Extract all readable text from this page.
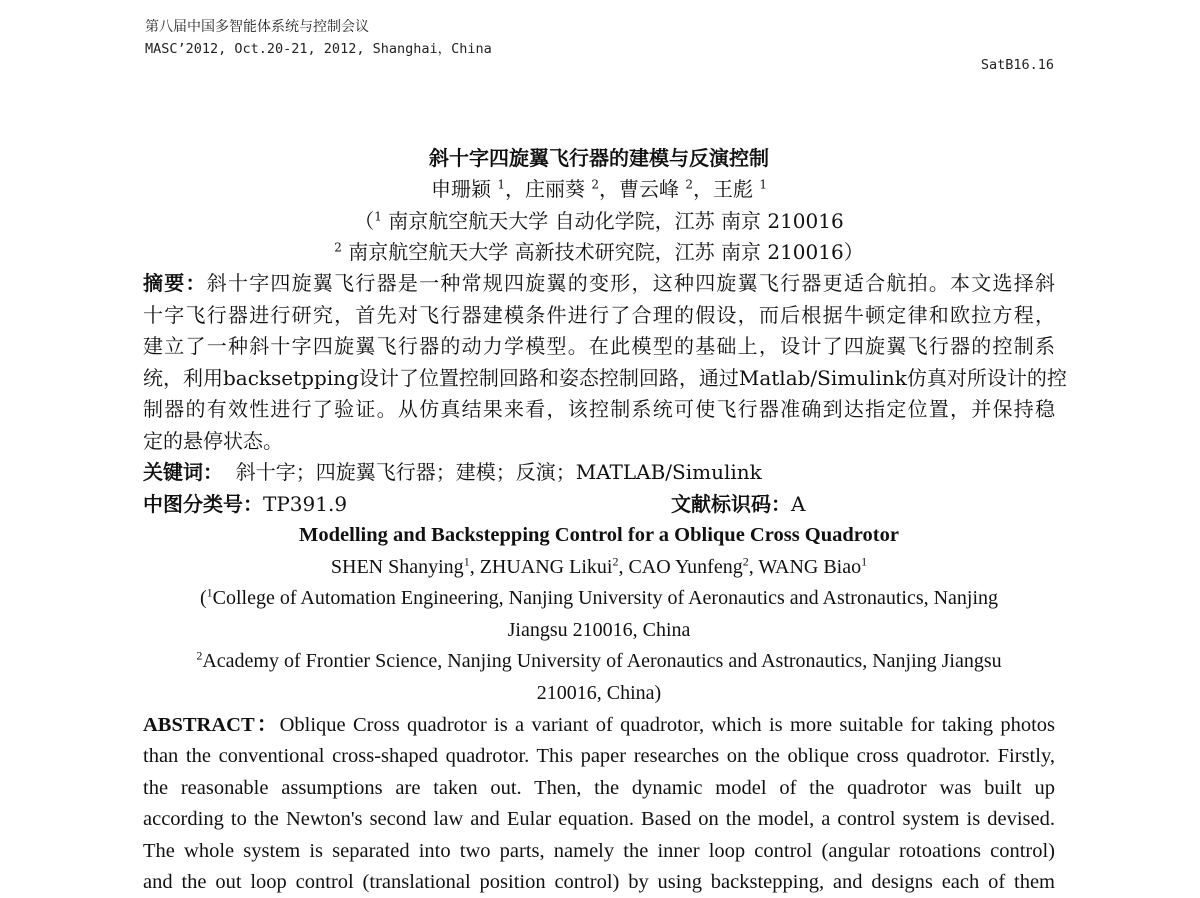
第八届中国多智能体系统与控制会议
MASC’2012, Oct.20-21, 2012, Shanghai，China
SatB16.16
斜十字四旋翼飞行器的建模与反演控制
申珊颖 $^1$，庄丽葵 $^2$，曹云峰 $^2$，王彪 $^1$
（$^1$ 南京航空航天大学 自动化学院，江苏 南京 210016
$^2$ 南京航空航天大学 高新技术研究院，江苏 南京 210016）
摘要：斜十字四旋翼飞行器是一种常规四旋翼的变形，这种四旋翼飞行器更适合航拍。本文选择斜
十字飞行器进行研究，首先对飞行器建模条件进行了合理的假设，而后根据牛顿定律和欧拉方程，
建立了一种斜十字四旋翼飞行器的动力学模型。在此模型的基础上，设计了四旋翼飞行器的控制系
统，利用backsetpping设计了位置控制回路和姿态控制回路，通过Matlab/Simulink仿真对所设计的控
制器的有效性进行了验证。从仿真结果来看，该控制系统可使飞行器准确到达指定位置，并保持稳
定的悬停状态。
关键词： 斜十字；四旋翼飞行器；建模；反演；MATLAB/Simulink
中图分类号：TP391.9	文献标识码：A
Modelling and Backstepping Control for a Oblique Cross Quadrotor
SHEN Shanying$^1$, ZHUANG Likui$^2$, CAO Yunfeng$^2$, WANG Biao$^1$
($^1$College of Automation Engineering, Nanjing University of Aeronautics and Astronautics, Nanjing
Jiangsu 210016, China
$^2$Academy of Frontier Science, Nanjing University of Aeronautics and Astronautics, Nanjing Jiangsu
210016, China)
ABSTRACT：Oblique Cross quadrotor is a variant of quadrotor, which is more suitable for taking photos
than the conventional cross-shaped quadrotor. This paper researches on the oblique cross quadrotor. Firstly,
the reasonable assumptions are taken out. Then, the dynamic model of the quadrotor was built up
according to the Newton's second law and Eular equation. Based on the model, a control system is devised.
The whole system is separated into two parts, namely the inner loop control (angular rotoations control)
and the out loop control (translational position control) by using backstepping, and designs each of them
